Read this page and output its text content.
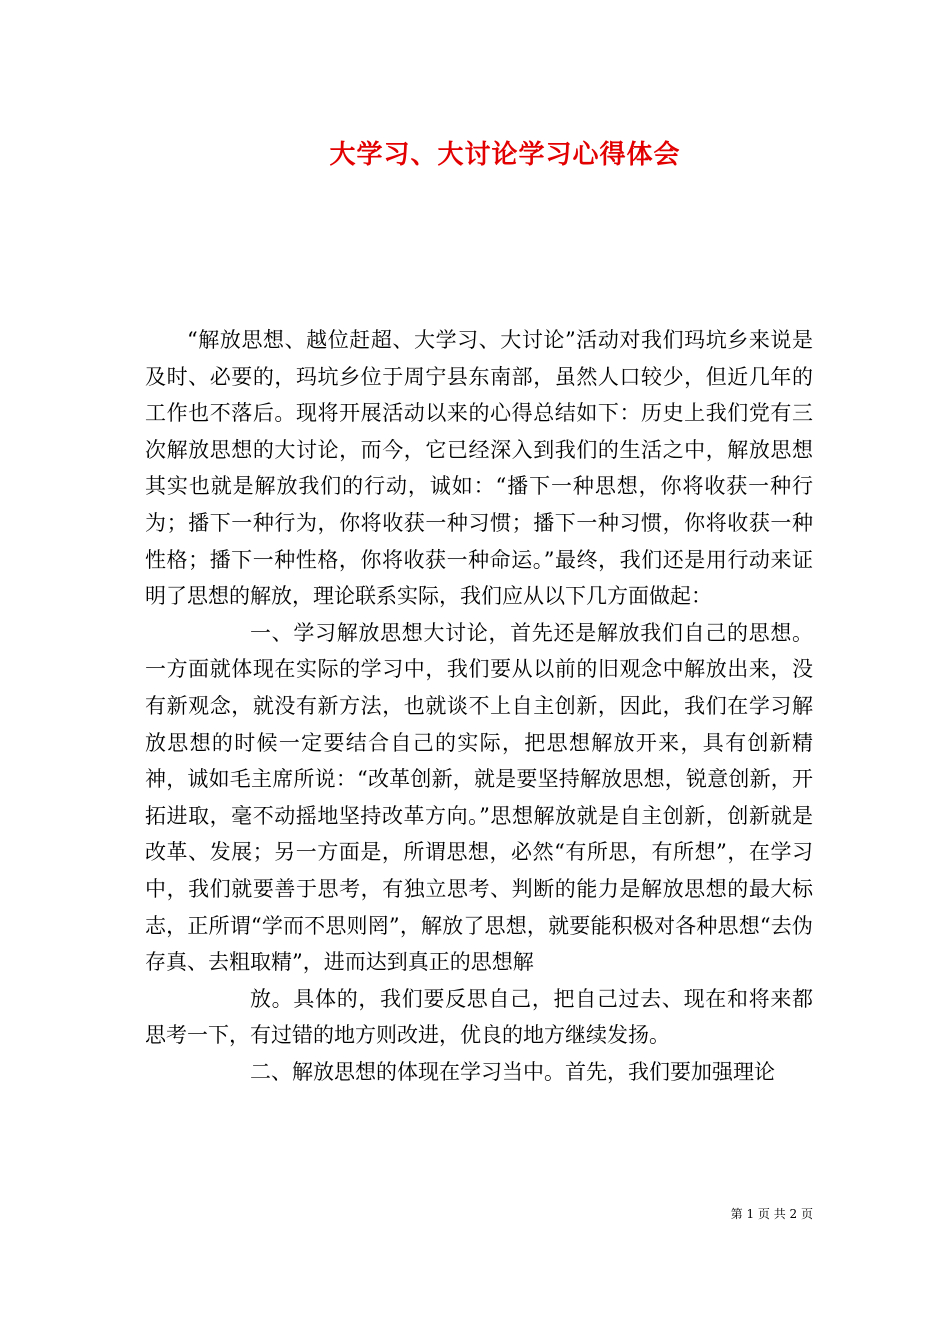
大学习、大讨论学习心得体会

“解放思想、越位赶超、大学习、大讨论”活动对我们玛坑乡来说是及时、必要的，玛坑乡位于周宁县东南部，虽然人口较少，但近几年的工作也不落后。现将开展活动以来的心得总结如下：历史上我们党有三次解放思想的大讨论，而今，它已经深入到我们的生活之中，解放思想其实也就是解放我们的行动，诚如：“播下一种思想，你将收获一种行为；播下一种行为，你将收获一种习惯；播下一种习惯，你将收获一种性格；播下一种性格，你将收获一种命运。”最终，我们还是用行动来证明了思想的解放，理论联系实际，我们应从以下几方面做起：

一、学习解放思想大讨论，首先还是解放我们自己的思想。一方面就体现在实际的学习中，我们要从以前的旧观念中解放出来，没有新观念，就没有新方法，也就谈不上自主创新，因此，我们在学习解放思想的时候一定要结合自己的实际，把思想解放开来，具有创新精神，诚如毛主席所说：“改革创新，就是要坚持解放思想，锐意创新，开拓进取，毫不动摇地坚持改革方向。”思想解放就是自主创新，创新就是改革、发展；另一方面是，所谓思想，必然“有所思，有所想”，在学习中，我们就要善于思考，有独立思考、判断的能力是解放思想的最大标志，正所谓“学而不思则罔”，解放了思想，就要能积极对各种思想“去伪存真、去粗取精”，进而达到真正的思想解

放。具体的，我们要反思自己，把自己过去、现在和将来都思考一下，有过错的地方则改进，优良的地方继续发扬。

二、解放思想的体现在学习当中。首先，我们要加强理论

第 1 页 共 2 页
